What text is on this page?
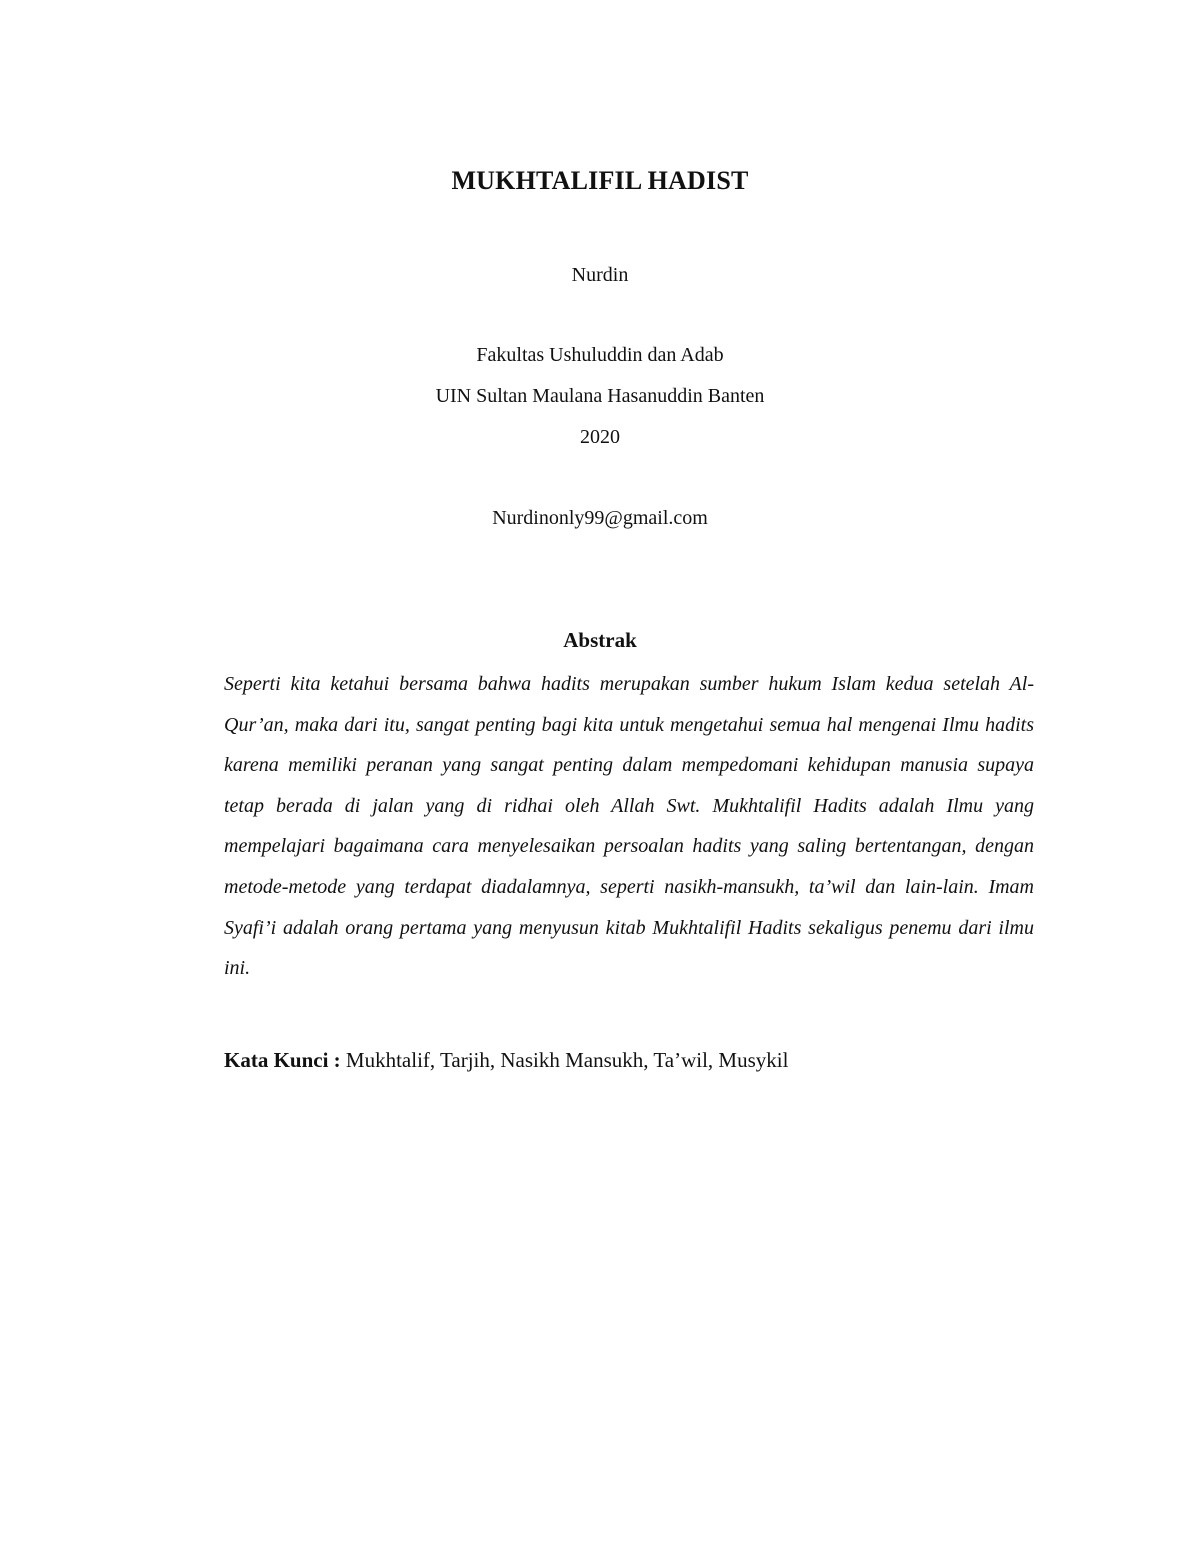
MUKHTALIFIL HADIST
Nurdin
Fakultas Ushuluddin dan Adab
UIN Sultan Maulana Hasanuddin Banten
2020
Nurdinonly99@gmail.com
Abstrak
Seperti kita ketahui bersama bahwa hadits merupakan sumber hukum Islam kedua setelah Al-Qur’an, maka dari itu, sangat penting bagi kita untuk mengetahui semua hal mengenai Ilmu hadits karena memiliki peranan yang sangat penting dalam mempedomani kehidupan manusia supaya tetap berada di jalan yang di ridhai oleh Allah Swt. Mukhtalifil Hadits adalah Ilmu yang mempelajari bagaimana cara menyelesaikan persoalan hadits yang saling bertentangan, dengan metode-metode yang terdapat diadalamnya, seperti nasikh-mansukh, ta’wil dan lain-lain. Imam Syafi’i adalah orang pertama yang menyusun kitab Mukhtalifil Hadits sekaligus penemu dari ilmu ini.
Kata Kunci : Mukhtalif, Tarjih, Nasikh Mansukh, Ta’wil, Musykil
